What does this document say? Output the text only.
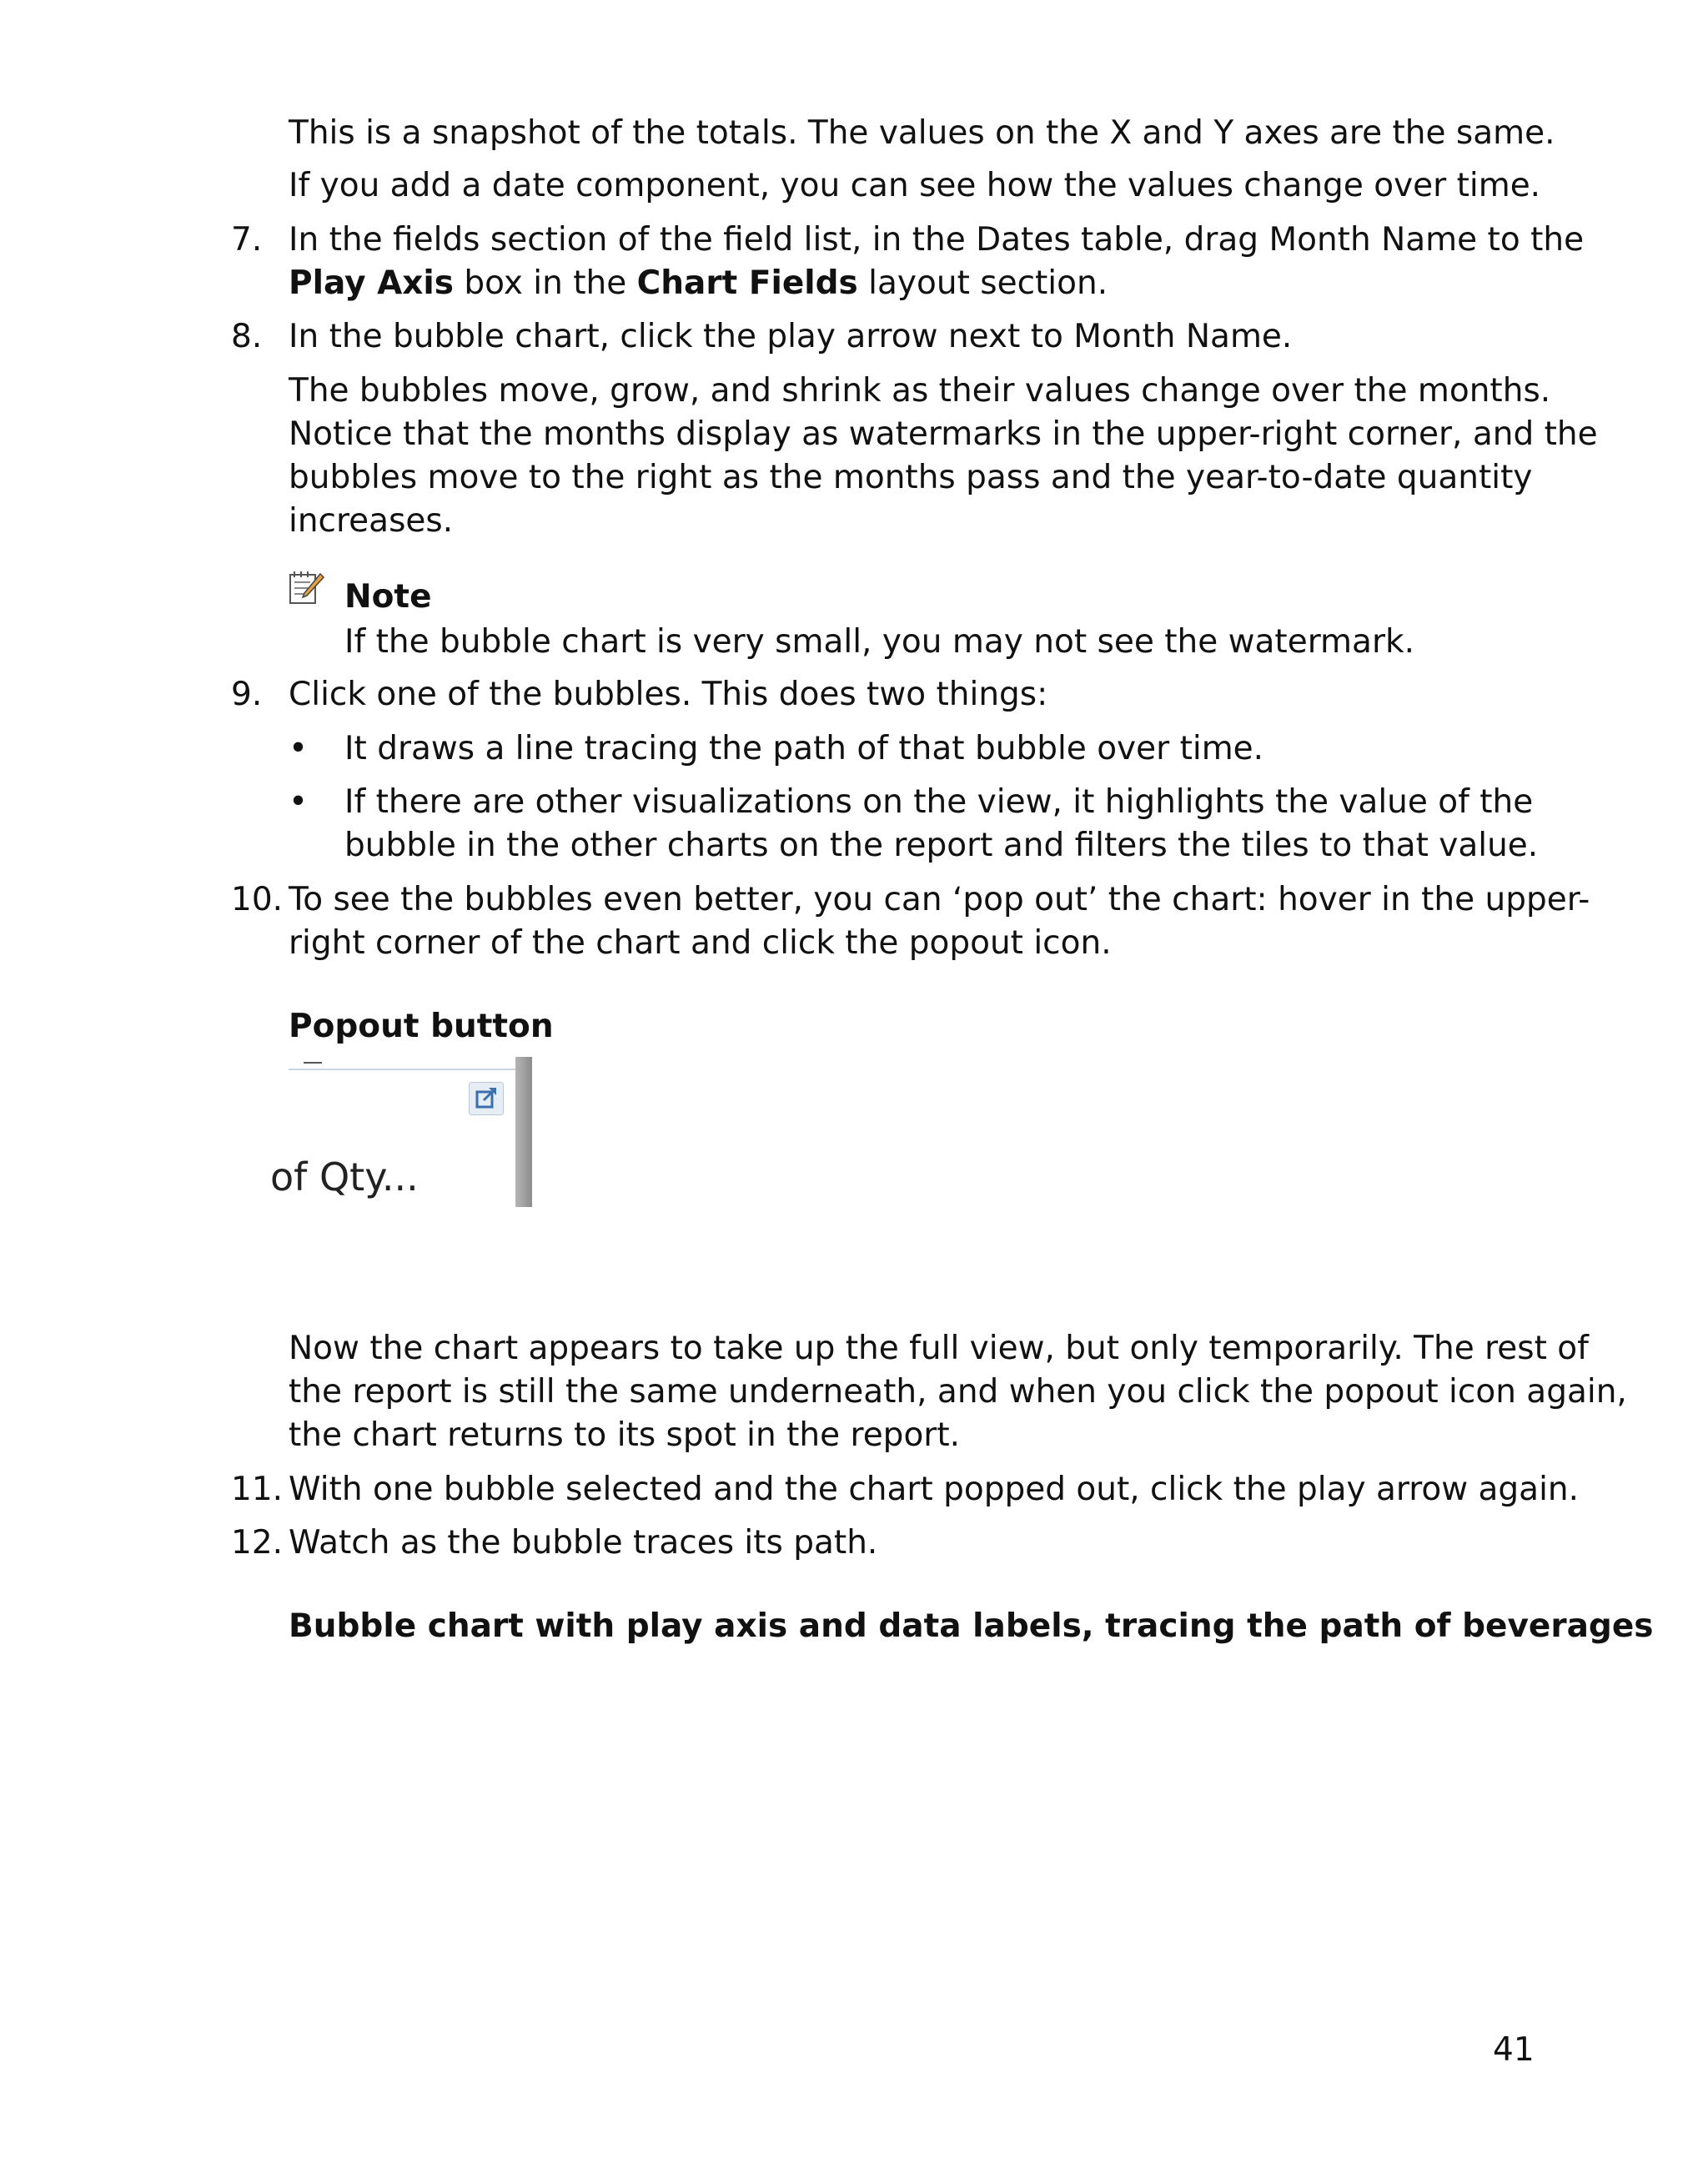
This is a snapshot of the totals. The values on the X and Y axes are the same.
If you add a date component, you can see how the values change over time.
7. In the fields section of the field list, in the Dates table, drag Month Name to the
Play Axis box in the Chart Fields layout section.
8. In the bubble chart, click the play arrow next to Month Name.
The bubbles move, grow, and shrink as their values change over the months.
Notice that the months display as watermarks in the upper-right corner, and the
bubbles move to the right as the months pass and the year-to-date quantity
increases.
Note
If the bubble chart is very small, you may not see the watermark.
9. Click one of the bubbles. This does two things:
• It draws a line tracing the path of that bubble over time.
• If there are other visualizations on the view, it highlights the value of the
bubble in the other charts on the report and filters the tiles to that value.
10. To see the bubbles even better, you can ‘pop out’ the chart: hover in the upper-
right corner of the chart and click the popout icon.
Popout button
of Qty...
Now the chart appears to take up the full view, but only temporarily. The rest of
the report is still the same underneath, and when you click the popout icon again,
the chart returns to its spot in the report.
11. With one bubble selected and the chart popped out, click the play arrow again.
12. Watch as the bubble traces its path.
Bubble chart with play axis and data labels, tracing the path of beverages
41
